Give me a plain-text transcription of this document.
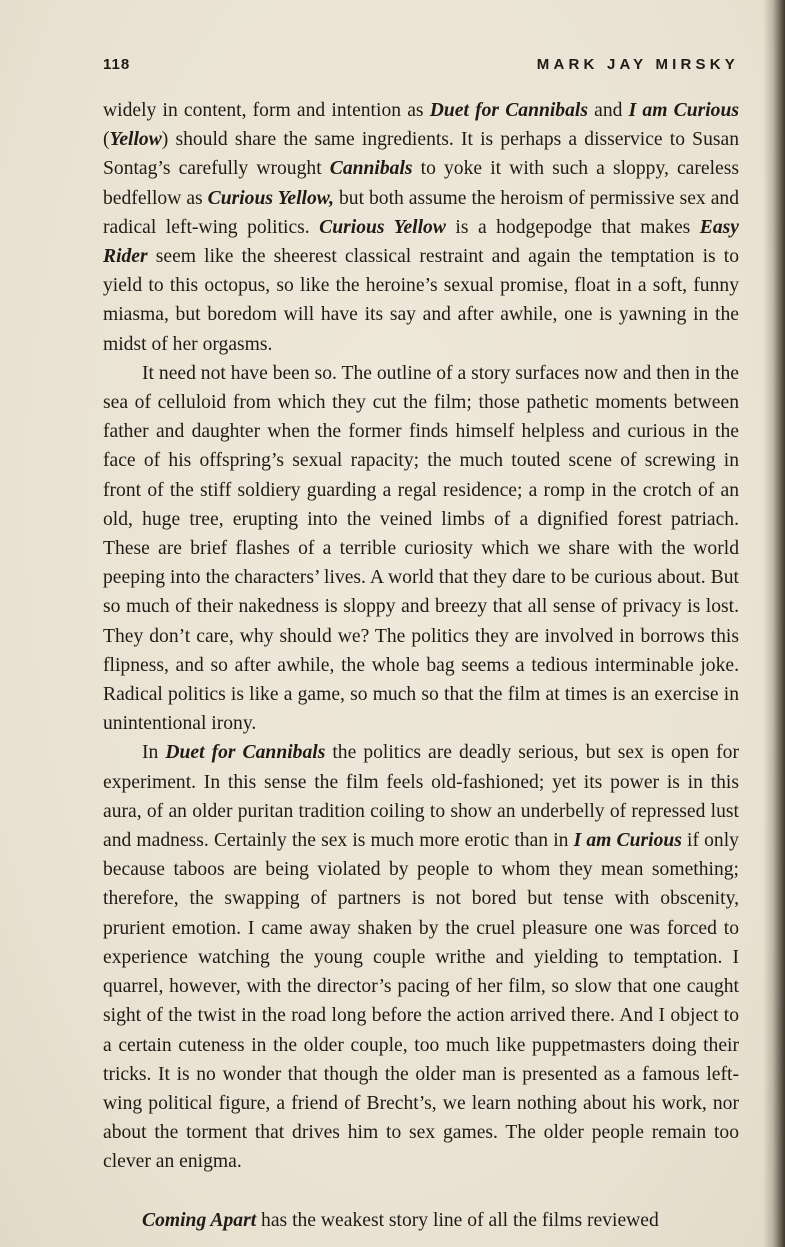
118	MARK JAY MIRSKY

widely in content, form and intention as Duet for Cannibals and I am Curious (Yellow) should share the same ingredients. It is perhaps a disservice to Susan Sontag’s carefully wrought Cannibals to yoke it with such a sloppy, careless bedfellow as Curious Yellow, but both assume the heroism of permissive sex and radical left-wing politics. Curious Yellow is a hodgepodge that makes Easy Rider seem like the sheerest classical restraint and again the temptation is to yield to this octopus, so like the heroine’s sexual promise, float in a soft, funny miasma, but boredom will have its say and after awhile, one is yawning in the midst of her orgasms.

It need not have been so. The outline of a story surfaces now and then in the sea of celluloid from which they cut the film; those pathetic moments between father and daughter when the former finds himself helpless and curious in the face of his offspring’s sexual rapacity; the much touted scene of screwing in front of the stiff soldiery guarding a regal residence; a romp in the crotch of an old, huge tree, erupting into the veined limbs of a dignified forest patriach. These are brief flashes of a terrible curiosity which we share with the world peeping into the characters’ lives. A world that they dare to be curious about. But so much of their nakedness is sloppy and breezy that all sense of privacy is lost. They don’t care, why should we? The politics they are involved in borrows this flipness, and so after awhile, the whole bag seems a tedious interminable joke. Radical politics is like a game, so much so that the film at times is an exercise in unintentional irony.

In Duet for Cannibals the politics are deadly serious, but sex is open for experiment. In this sense the film feels old-fashioned; yet its power is in this aura, of an older puritan tradition coiling to show an underbelly of repressed lust and madness. Certainly the sex is much more erotic than in I am Curious if only because taboos are being violated by people to whom they mean something; therefore, the swapping of partners is not bored but tense with obscenity, prurient emotion. I came away shaken by the cruel pleasure one was forced to experience watching the young couple writhe and yielding to temptation. I quarrel, however, with the director’s pacing of her film, so slow that one caught sight of the twist in the road long before the action arrived there. And I object to a certain cuteness in the older couple, too much like puppetmasters doing their tricks. It is no wonder that though the older man is presented as a famous left-wing political figure, a friend of Brecht’s, we learn nothing about his work, nor about the torment that drives him to sex games. The older people remain too clever an enigma.

Coming Apart has the weakest story line of all the films reviewed
